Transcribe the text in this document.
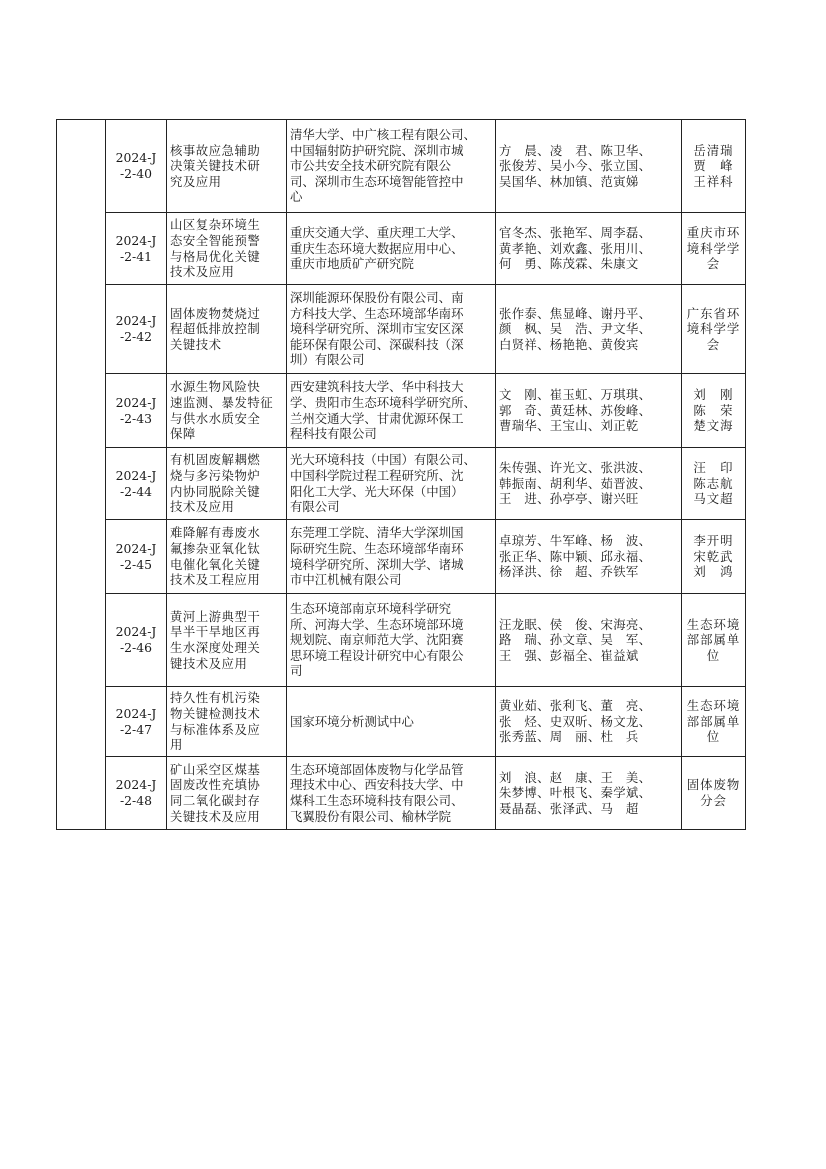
	2024-J
-2-40	核事故应急辅助
决策关键技术研
究及应用	清华大学、中广核工程有限公司、
中国辐射防护研究院、深圳市城
市公共安全技术研究院有限公
司、深圳市生态环境智能管控中
心	方　晨、凌　君、陈卫华、
张俊芳、吴小今、张立国、
吴国华、林加镇、范寅娣	岳清瑞
贾　峰
王祥科

	2024-J
-2-41	山区复杂环境生
态安全智能预警
与格局优化关键
技术及应用	重庆交通大学、重庆理工大学、
重庆生态环境大数据应用中心、
重庆市地质矿产研究院	官冬杰、张艳军、周李磊、
黄孝艳、刘欢鑫、张用川、
何　勇、陈茂霖、朱康文	重庆市环
境科学学
会

	2024-J
-2-42	固体废物焚烧过
程超低排放控制
关键技术	深圳能源环保股份有限公司、南
方科技大学、生态环境部华南环
境科学研究所、深圳市宝安区深
能环保有限公司、深碳科技（深
圳）有限公司	张作泰、焦显峰、谢丹平、
颜　枫、吴　浩、尹文华、
白贤祥、杨艳艳、黄俊宾	广东省环
境科学学
会

	2024-J
-2-43	水源生物风险快
速监测、暴发特征
与供水水质安全
保障	西安建筑科技大学、华中科技大
学、贵阳市生态环境科学研究所、
兰州交通大学、甘肃优源环保工
程科技有限公司	文　刚、崔玉虹、万琪琪、
郭　奇、黄廷林、苏俊峰、
曹瑞华、王宝山、刘正乾	刘　刚
陈　荣
楚文海

	2024-J
-2-44	有机固废解耦燃
烧与多污染物炉
内协同脱除关键
技术及应用	光大环境科技（中国）有限公司、
中国科学院过程工程研究所、沈
阳化工大学、光大环保（中国）
有限公司	朱传强、许光文、张洪波、
韩振南、胡利华、茹晋波、
王　进、孙亭亭、谢兴旺	汪　印
陈志航
马文超

	2024-J
-2-45	难降解有毒废水
氟掺杂亚氧化钛
电催化氧化关键
技术及工程应用	东莞理工学院、清华大学深圳国
际研究生院、生态环境部华南环
境科学研究所、深圳大学、诸城
市中江机械有限公司	卓琼芳、牛军峰、杨　波、
张正华、陈中颖、邱永福、
杨泽洪、徐　超、乔铁军	李开明
宋乾武
刘　鸿

	2024-J
-2-46	黄河上游典型干
旱半干旱地区再
生水深度处理关
键技术及应用	生态环境部南京环境科学研究
所、河海大学、生态环境部环境
规划院、南京师范大学、沈阳赛
思环境工程设计研究中心有限公
司	汪龙眠、侯　俊、宋海亮、
路　瑞、孙文章、吴　军、
王　强、彭福全、崔益斌	生态环境
部部属单
位

	2024-J
-2-47	持久性有机污染
物关键检测技术
与标准体系及应
用	国家环境分析测试中心	黄业茹、张利飞、董　亮、
张　烃、史双昕、杨文龙、
张秀蓝、周　丽、杜　兵	生态环境
部部属单
位

	2024-J
-2-48	矿山采空区煤基
固废改性充填协
同二氧化碳封存
关键技术及应用	生态环境部固体废物与化学品管
理技术中心、西安科技大学、中
煤科工生态环境科技有限公司、
飞翼股份有限公司、榆林学院	刘　浪、赵　康、王　美、
朱梦博、叶根飞、秦学斌、
聂晶磊、张泽武、马　超	固体废物
分会
